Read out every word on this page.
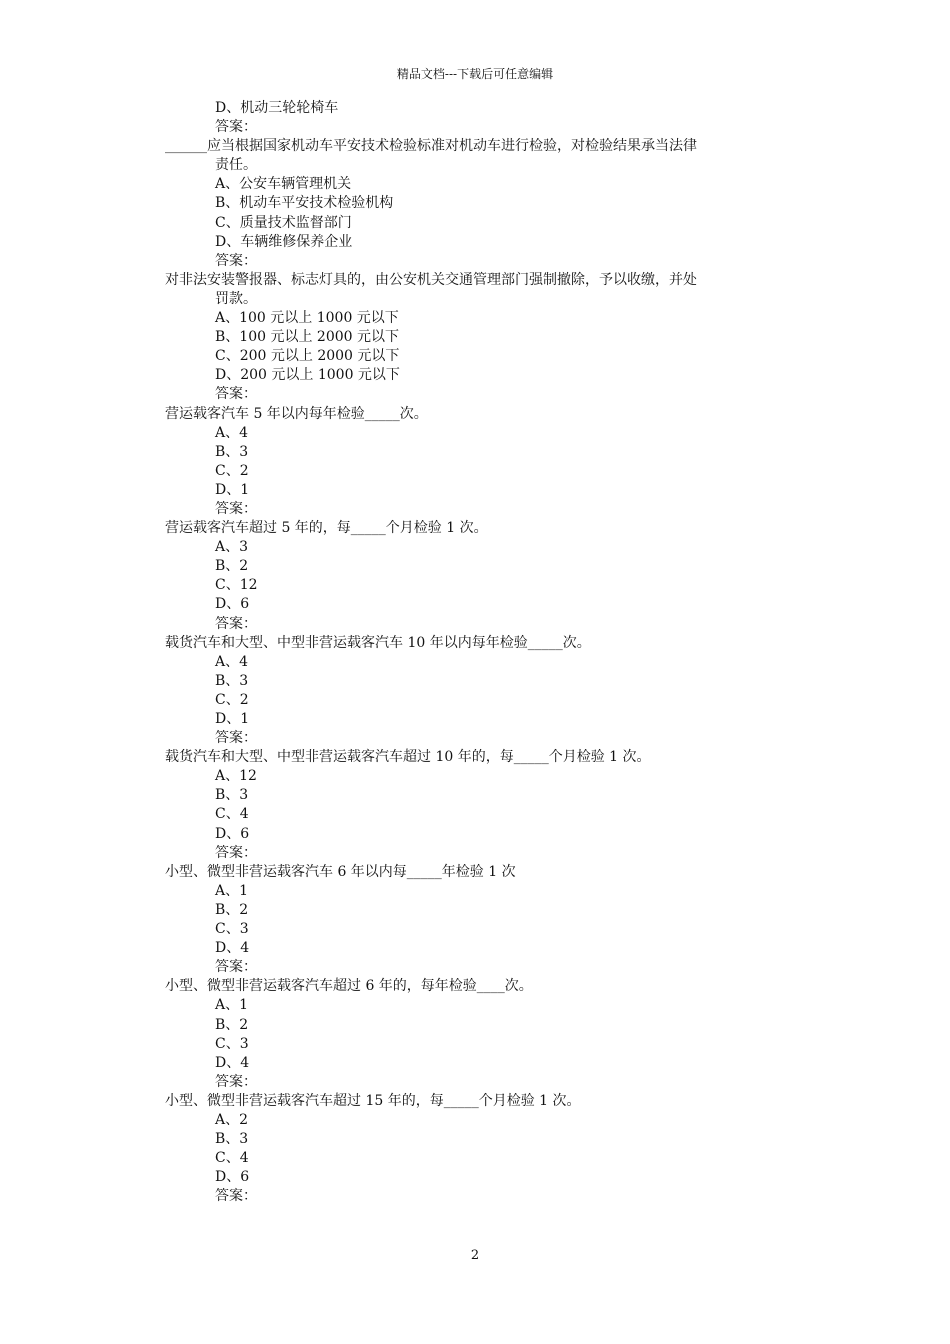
精品文档---下载后可任意编辑
D、机动三轮轮椅车
答案：
______应当根据国家机动车平安技术检验标准对机动车进行检验，对检验结果承当法律
责任。
A、公安车辆管理机关
B、机动车平安技术检验机构
C、质量技术监督部门
D、车辆维修保养企业
答案：
对非法安装警报器、标志灯具的，由公安机关交通管理部门强制撤除，予以收缴，并处
罚款。
A、100 元以上 1000 元以下
B、100 元以上 2000 元以下
C、200 元以上 2000 元以下
D、200 元以上 1000 元以下
答案：
营运载客汽车 5 年以内每年检验_____次。
A、4
B、3
C、2
D、1
答案：
营运载客汽车超过 5 年的，每_____个月检验 1 次。
A、3
B、2
C、12
D、6
答案：
载货汽车和大型、中型非营运载客汽车 10 年以内每年检验_____次。
A、4
B、3
C、2
D、1
答案：
载货汽车和大型、中型非营运载客汽车超过 10 年的，每_____个月检验 1 次。
A、12
B、3
C、4
D、6
答案：
小型、微型非营运载客汽车 6 年以内每_____年检验 1 次
A、1
B、2
C、3
D、4
答案：
小型、微型非营运载客汽车超过 6 年的，每年检验____次。
A、1
B、2
C、3
D、4
答案：
小型、微型非营运载客汽车超过 15 年的，每_____个月检验 1 次。
A、2
B、3
C、4
D、6
答案：
2
